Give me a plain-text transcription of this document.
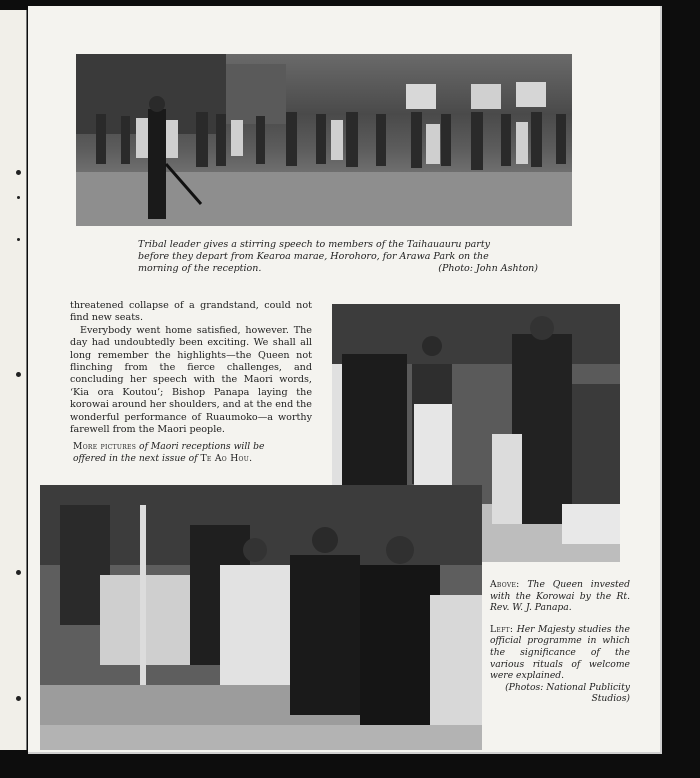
Tribal leader gives a stirring speech to members of the Taihauauru party
before they depart from Kearoa marae, Horohoro, for Arawa Park on the
morning of the reception.	(Photo: John Ashton)

threatened collapse of a grandstand, could not find new seats.

Everybody went home satisfied, however. The day had undoubtedly been exciting. We shall all long remember the highlights—the Queen not flinching from the fierce challenges, and concluding her speech with the Maori words, ‘Kia ora Koutou’; Bishop Panapa laying the korowai around her shoulders, and at the end the wonderful performance of Ruaumoko—a worthy farewell from the Maori people.

More pictures of Maori receptions will be
offered in the next issue of Te Ao Hou.

Above: The Queen invested with the Korowai by the Rt. Rev. W. J. Panapa.

Left: Her Majesty studies the official programme in which the significance of the various rituals of welcome were explained.
(Photos: National Publicity Studios)
